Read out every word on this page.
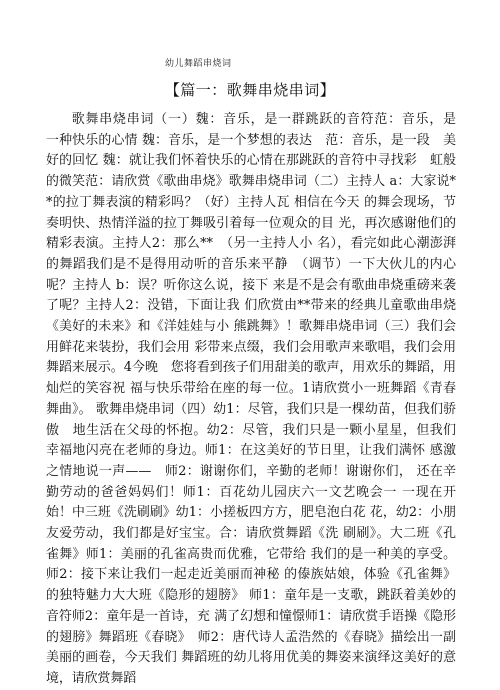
幼儿舞蹈串烧词
【篇一：歌舞串烧串词】

歌舞串烧串词（一）魏：音乐，是一群跳跃的音符范：音乐，是　一种快乐的心情 魏：音乐，是一个梦想的表达　范：音乐，是一段　美好的回忆 魏：就让我们怀着快乐的心情在那跳跃的音符中寻找彩　虹般的微笑范：请欣赏《歌曲串烧》歌舞串烧串词（二）主持人 a：大家说**的拉丁舞表演的精彩吗？（好）主持人瓦 相信在今天 的舞会现场，节奏明快、热情洋溢的拉丁舞吸引着每一位观众的目 光，再次感谢他们的精彩表演。主持人2：那么**　（另一主持人小 名），看完如此心潮澎湃的舞蹈我们是不是得用动听的音乐来平静　（调节）一下大伙儿的内心呢？主持人 b：误？听你这么说，接下 来是不是会有歌曲串烧重磅来袭了呢？主持人2：没错，下面让我 们欣赏由**带来的经典儿童歌曲串烧《美好的未来》和《洋娃娃与小 熊跳舞》！歌舞串烧串词（三）我们会用鲜花来装扮，我们会用 彩带来点缀，我们会用歌声来歌唱，我们会用舞蹈来展示。4今晚　您将看到孩子们用甜美的歌声，用欢乐的舞蹈，用灿烂的笑容祝 福与快乐带给在座的每一位。1请欣赏小一班舞蹈《青春舞曲》。 歌舞串烧串词（四）幼1：尽管，我们只是一棵幼苗，但我们骄傲　地生活在父母的怀抱。幼2：尽管，我们只是一颗小星星，但我们 幸福地闪亮在老师的身边。师1：在这美好的节日里，让我们满怀 感激之情地说一声——　师2：谢谢你们，辛勤的老师！谢谢你们， 还在辛勤劳动的爸爸妈妈们！师1：百花幼儿园庆六一文艺晚会一 一现在开始！中三班《洗刷刷》幼1：小搓板四方方，肥皂泡白花 花，幼2：小朋友爱劳动，我们都是好宝宝。合：请欣赏舞蹈《洗 刷刷》。大二班《孔雀舞》师1：美丽的孔雀高贵而优雅，它带给 我们的是一种美的享受。师2：接下来让我们一起走近美丽而神秘 的傣族姑娘，体验《孔雀舞》的独特魅力大大班《隐形的翅膀》 师1：童年是一支歌，跳跃着美妙的音符师2：童年是一首诗，充 满了幻想和憧憬师1：请欣赏手语操《隐形的翅膀》舞蹈班《春晓》　师2：唐代诗人孟浩然的《春晓》描绘出一副美丽的画卷，今天我们 舞蹈班的幼儿将用优美的舞姿来演绎这美好的意境，请欣赏舞蹈
